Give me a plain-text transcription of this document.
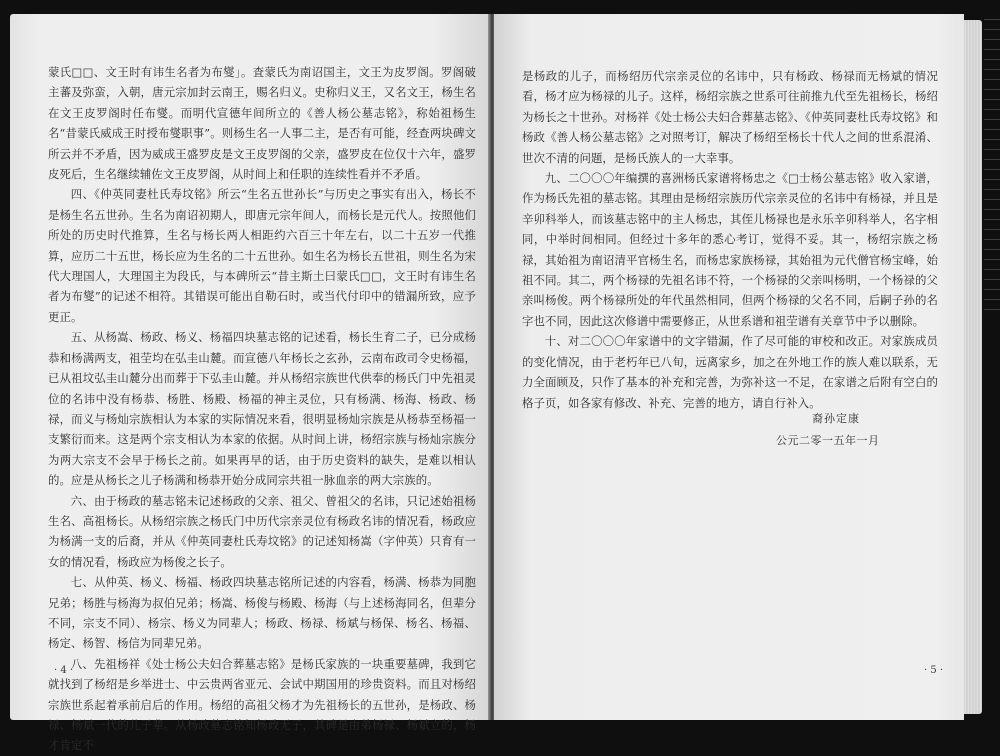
蒙氏□□、文王时有讳生名者为布燮」。査蒙氏为南诏国主，文王为皮罗阁。罗阁破主蕃及弥蛮，入朝，唐元宗加封云南王，赐名归义。史称归义王，又名文王，杨生名在文王皮罗阁时任布燮。而明代宣德年间所立的《善人杨公墓志铭》，称始祖杨生名“昔蒙氏威成王时授布燮职事”。则杨生名一人事二主，是否有可能，经查两块碑文所云并不矛盾，因为威成王盛罗皮是文王皮罗阁的父亲，盛罗皮在位仅十六年，盛罗皮死后，生名继续辅佐文王皮罗阁，从时间上和任职的连续性看并不矛盾。

四、《仲英同妻杜氏寿坟铭》所云“生名五世孙长”与历史之事实有出入，杨长不是杨生名五世孙。生名为南诏初期人，即唐元宗年间人，而杨长是元代人。按照他们所处的历史时代推算，生名与杨长两人相距约六百三十年左右，以二十五岁一代推算，应历二十五世，杨长应为生名的二十五世孙。如生名为杨长五世祖，则生名为宋代大理国人，大理国主为段氏，与本碑所云“昔主斯土曰蒙氏□□，文王时有讳生名者为布燮”的记述不相符。其错误可能出自勒石时，或当代付印中的错漏所致，应予更正。

五、从杨嵩、杨政、杨义、杨福四块墓志铭的记述看，杨长生育二子，已分成杨恭和杨满两支，祖茔均在弘圭山麓。而宣德八年杨长之玄孙，云南布政司令史杨福，已从祖坟弘圭山麓分出而葬于下弘圭山麓。并从杨绍宗族世代供奉的杨氏门中先祖灵位的名讳中没有杨恭、杨胜、杨殿、杨福的神主灵位，只有杨满、杨海、杨政、杨禄，而义与杨灿宗族相认为本家的实际情况来看，很明显杨灿宗族是从杨恭至杨福一支繁衍而来。这是两个宗支相认为本家的依据。从时间上讲，杨绍宗族与杨灿宗族分为两大宗支不会早于杨长之前。如果再早的话，由于历史资料的缺失，是难以相认的。应是从杨长之儿子杨满和杨恭开始分成同宗共祖一脉血亲的两大宗族的。

六、由于杨政的墓志铭未记述杨政的父亲、祖父、曾祖父的名讳，只记述始祖杨生名、高祖杨长。从杨绍宗族之杨氏门中历代宗亲灵位有杨政名讳的情况看，杨政应为杨满一支的后裔，并从《仲英同妻杜氏寿坟铭》的记述知杨嵩（字仲英）只育有一女的情况看，杨政应为杨俊之长子。

七、从仲英、杨义、杨福、杨政四块墓志铭所记述的内容看，杨满、杨恭为同胞兄弟；杨胜与杨海为叔伯兄弟；杨嵩、杨俊与杨殿、杨海（与上述杨海同名，但辈分不同，宗支不同）、杨宗、杨义为同辈人；杨政、杨禄、杨斌与杨保、杨名、杨福、杨定、杨智、杨信为同辈兄弟。

八、先祖杨祥《处士杨公夫妇合葬墓志铭》是杨氏家族的一块重要墓碑，我到它就找到了杨绍是乡举进士、中云贵两省亚元、会试中期国用的珍贵资料。而且对杨绍宗族世系起着承前启后的作用。杨绍的高祖父杨才为先祖杨长的五世孙，是杨政、杨禄、杨斌一代的儿子辈。从杨政墓志铭知杨政无子，其碑是由弟杨禄、杨斌立的，杨才肯定不

· 4 ·

是杨政的儿子，而杨绍历代宗亲灵位的名讳中，只有杨政、杨禄而无杨斌的情况看，杨才应为杨禄的儿子。这样，杨绍宗族之世系可往前推九代至先祖杨长，杨绍为杨长之十世孙。对杨祥《处士杨公夫妇合葬墓志铭》、《仲英同妻杜氏寿坟铭》和杨政《善人杨公墓志铭》之对照考订，解决了杨绍至杨长十代人之间的世系混淆、世次不清的问题，是杨氏族人的一大幸事。

九、二〇〇〇年编撰的喜洲杨氏家谱将杨忠之《□士杨公墓志铭》收入家谱，作为杨氏先祖的墓志铭。其理由是杨绍宗族历代宗亲灵位的名讳中有杨禄，并且是辛卯科举人，而该墓志铭中的主人杨忠，其侄儿杨禄也是永乐辛卯科举人，名字相同，中举时间相同。但经过十多年的悉心考订，觉得不妥。其一，杨绍宗族之杨禄，其始祖为南诏清平官杨生名，而杨忠家族杨禄，其始祖为元代僧官杨宝峰，始祖不同。其二，两个杨禄的先祖名讳不符，一个杨禄的父亲叫杨明，一个杨禄的父亲叫杨俊。两个杨禄所处的年代虽然相同，但两个杨禄的父名不同，后嗣子孙的名字也不同，因此这次修谱中需要修正，从世系谱和祖茔谱有关章节中予以删除。

十、对二〇〇〇年家谱中的文字错漏，作了尽可能的审校和改正。对家族成员的变化情况，由于老朽年已八旬，远离家乡，加之在外地工作的族人难以联系，无力全面顾及，只作了基本的补充和完善，为弥补这一不足，在家谱之后附有空白的格子页，如各家有修改、补充、完善的地方，请自行补入。

裔孙定康
公元二零一五年一月
· 5 ·
